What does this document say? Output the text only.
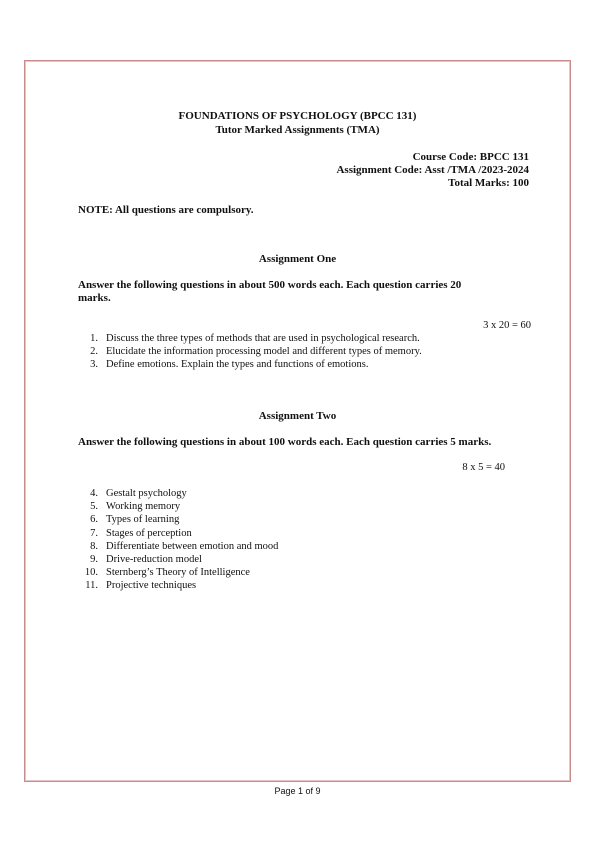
FOUNDATIONS OF PSYCHOLOGY (BPCC 131)
Tutor Marked Assignments (TMA)
Course Code: BPCC 131
Assignment Code: Asst /TMA /2023-2024
Total Marks: 100
NOTE: All questions are compulsory.
Assignment One
Answer the following questions in about 500 words each. Each question carries 20
marks.
3 x 20 = 60
1. Discuss the three types of methods that are used in psychological research.
2. Elucidate the information processing model and different types of memory.
3. Define emotions. Explain the types and functions of emotions.
Assignment Two
Answer the following questions in about 100 words each. Each question carries 5 marks.
8 x 5 = 40
4. Gestalt psychology
5. Working memory
6. Types of learning
7. Stages of perception
8. Differentiate between emotion and mood
9. Drive-reduction model
10. Sternberg’s Theory of Intelligence
11. Projective techniques
Page 1 of 9
